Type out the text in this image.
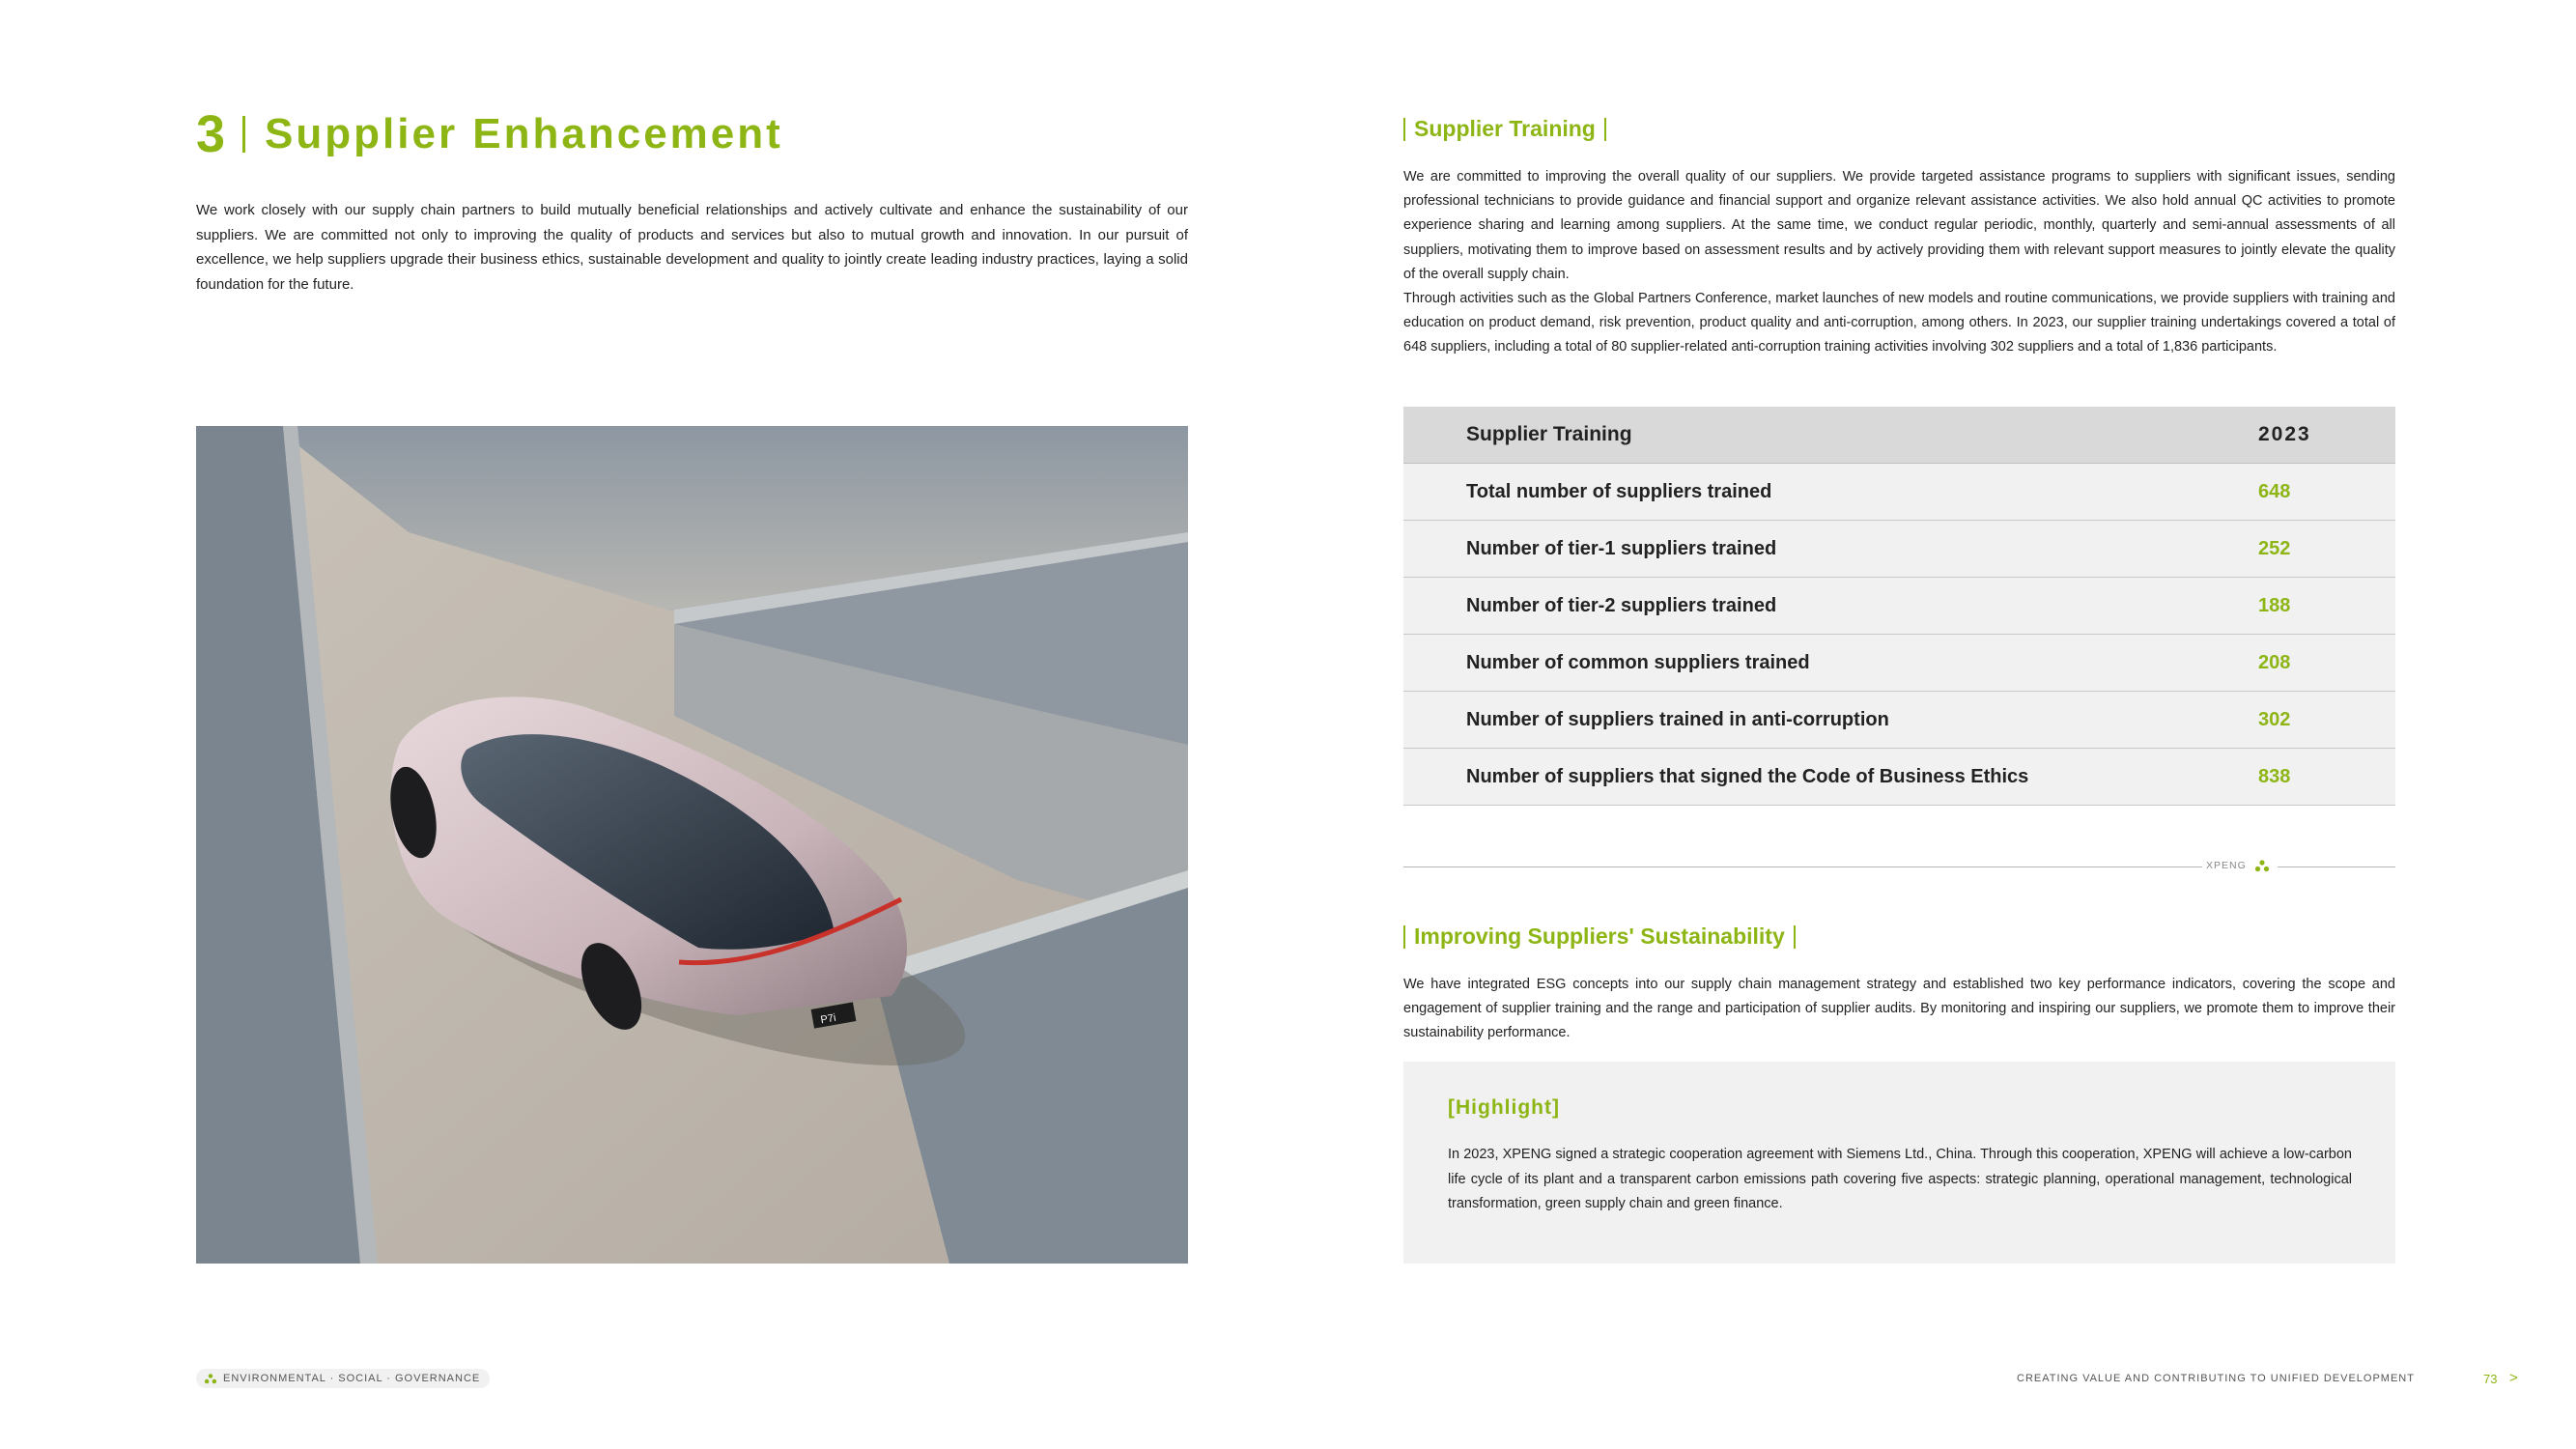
3 Supplier Enhancement
We work closely with our supply chain partners to build mutually beneficial relationships and actively cultivate and enhance the sustainability of our suppliers. We are committed not only to improving the quality of products and services but also to mutual growth and innovation. In our pursuit of excellence, we help suppliers upgrade their business ethics, sustainable development and quality to jointly create leading industry practices, laying a solid foundation for the future.
P7i
Supplier Training

We are committed to improving the overall quality of our suppliers. We provide targeted assistance programs to suppliers with significant issues, sending professional technicians to provide guidance and financial support and organize relevant assistance activities. We also hold annual QC activities to promote experience sharing and learning among suppliers. At the same time, we conduct regular periodic, monthly, quarterly and semi-annual assessments of all suppliers, motivating them to improve based on assessment results and by actively providing them with relevant support measures to jointly elevate the quality of the overall supply chain.

Through activities such as the Global Partners Conference, market launches of new models and routine communications, we provide suppliers with training and education on product demand, risk prevention, product quality and anti-corruption, among others. In 2023, our supplier training undertakings covered a total of 648 suppliers, including a total of 80 supplier-related anti-corruption training activities involving 302 suppliers and a total of 1,836 participants.

Supplier Training	2023
Total number of suppliers trained	648
Number of tier-1 suppliers trained	252
Number of tier-2 suppliers trained	188
Number of common suppliers trained	208
Number of suppliers trained in anti-corruption	302
Number of suppliers that signed the Code of Business Ethics	838
XPENG
Improving Suppliers' Sustainability
We have integrated ESG concepts into our supply chain management strategy and established two key performance indicators, covering the scope and engagement of supplier training and the range and participation of supplier audits. By monitoring and inspiring our suppliers, we promote them to improve their sustainability performance.
[Highlight]
In 2023, XPENG signed a strategic cooperation agreement with Siemens Ltd., China. Through this cooperation, XPENG will achieve a low-carbon life cycle of its plant and a transparent carbon emissions path covering five aspects: strategic planning, operational management, technological transformation, green supply chain and green finance.
ENVIRONMENTAL · SOCIAL · GOVERNANCE	CREATING VALUE AND CONTRIBUTING TO UNIFIED DEVELOPMENT	73 >
